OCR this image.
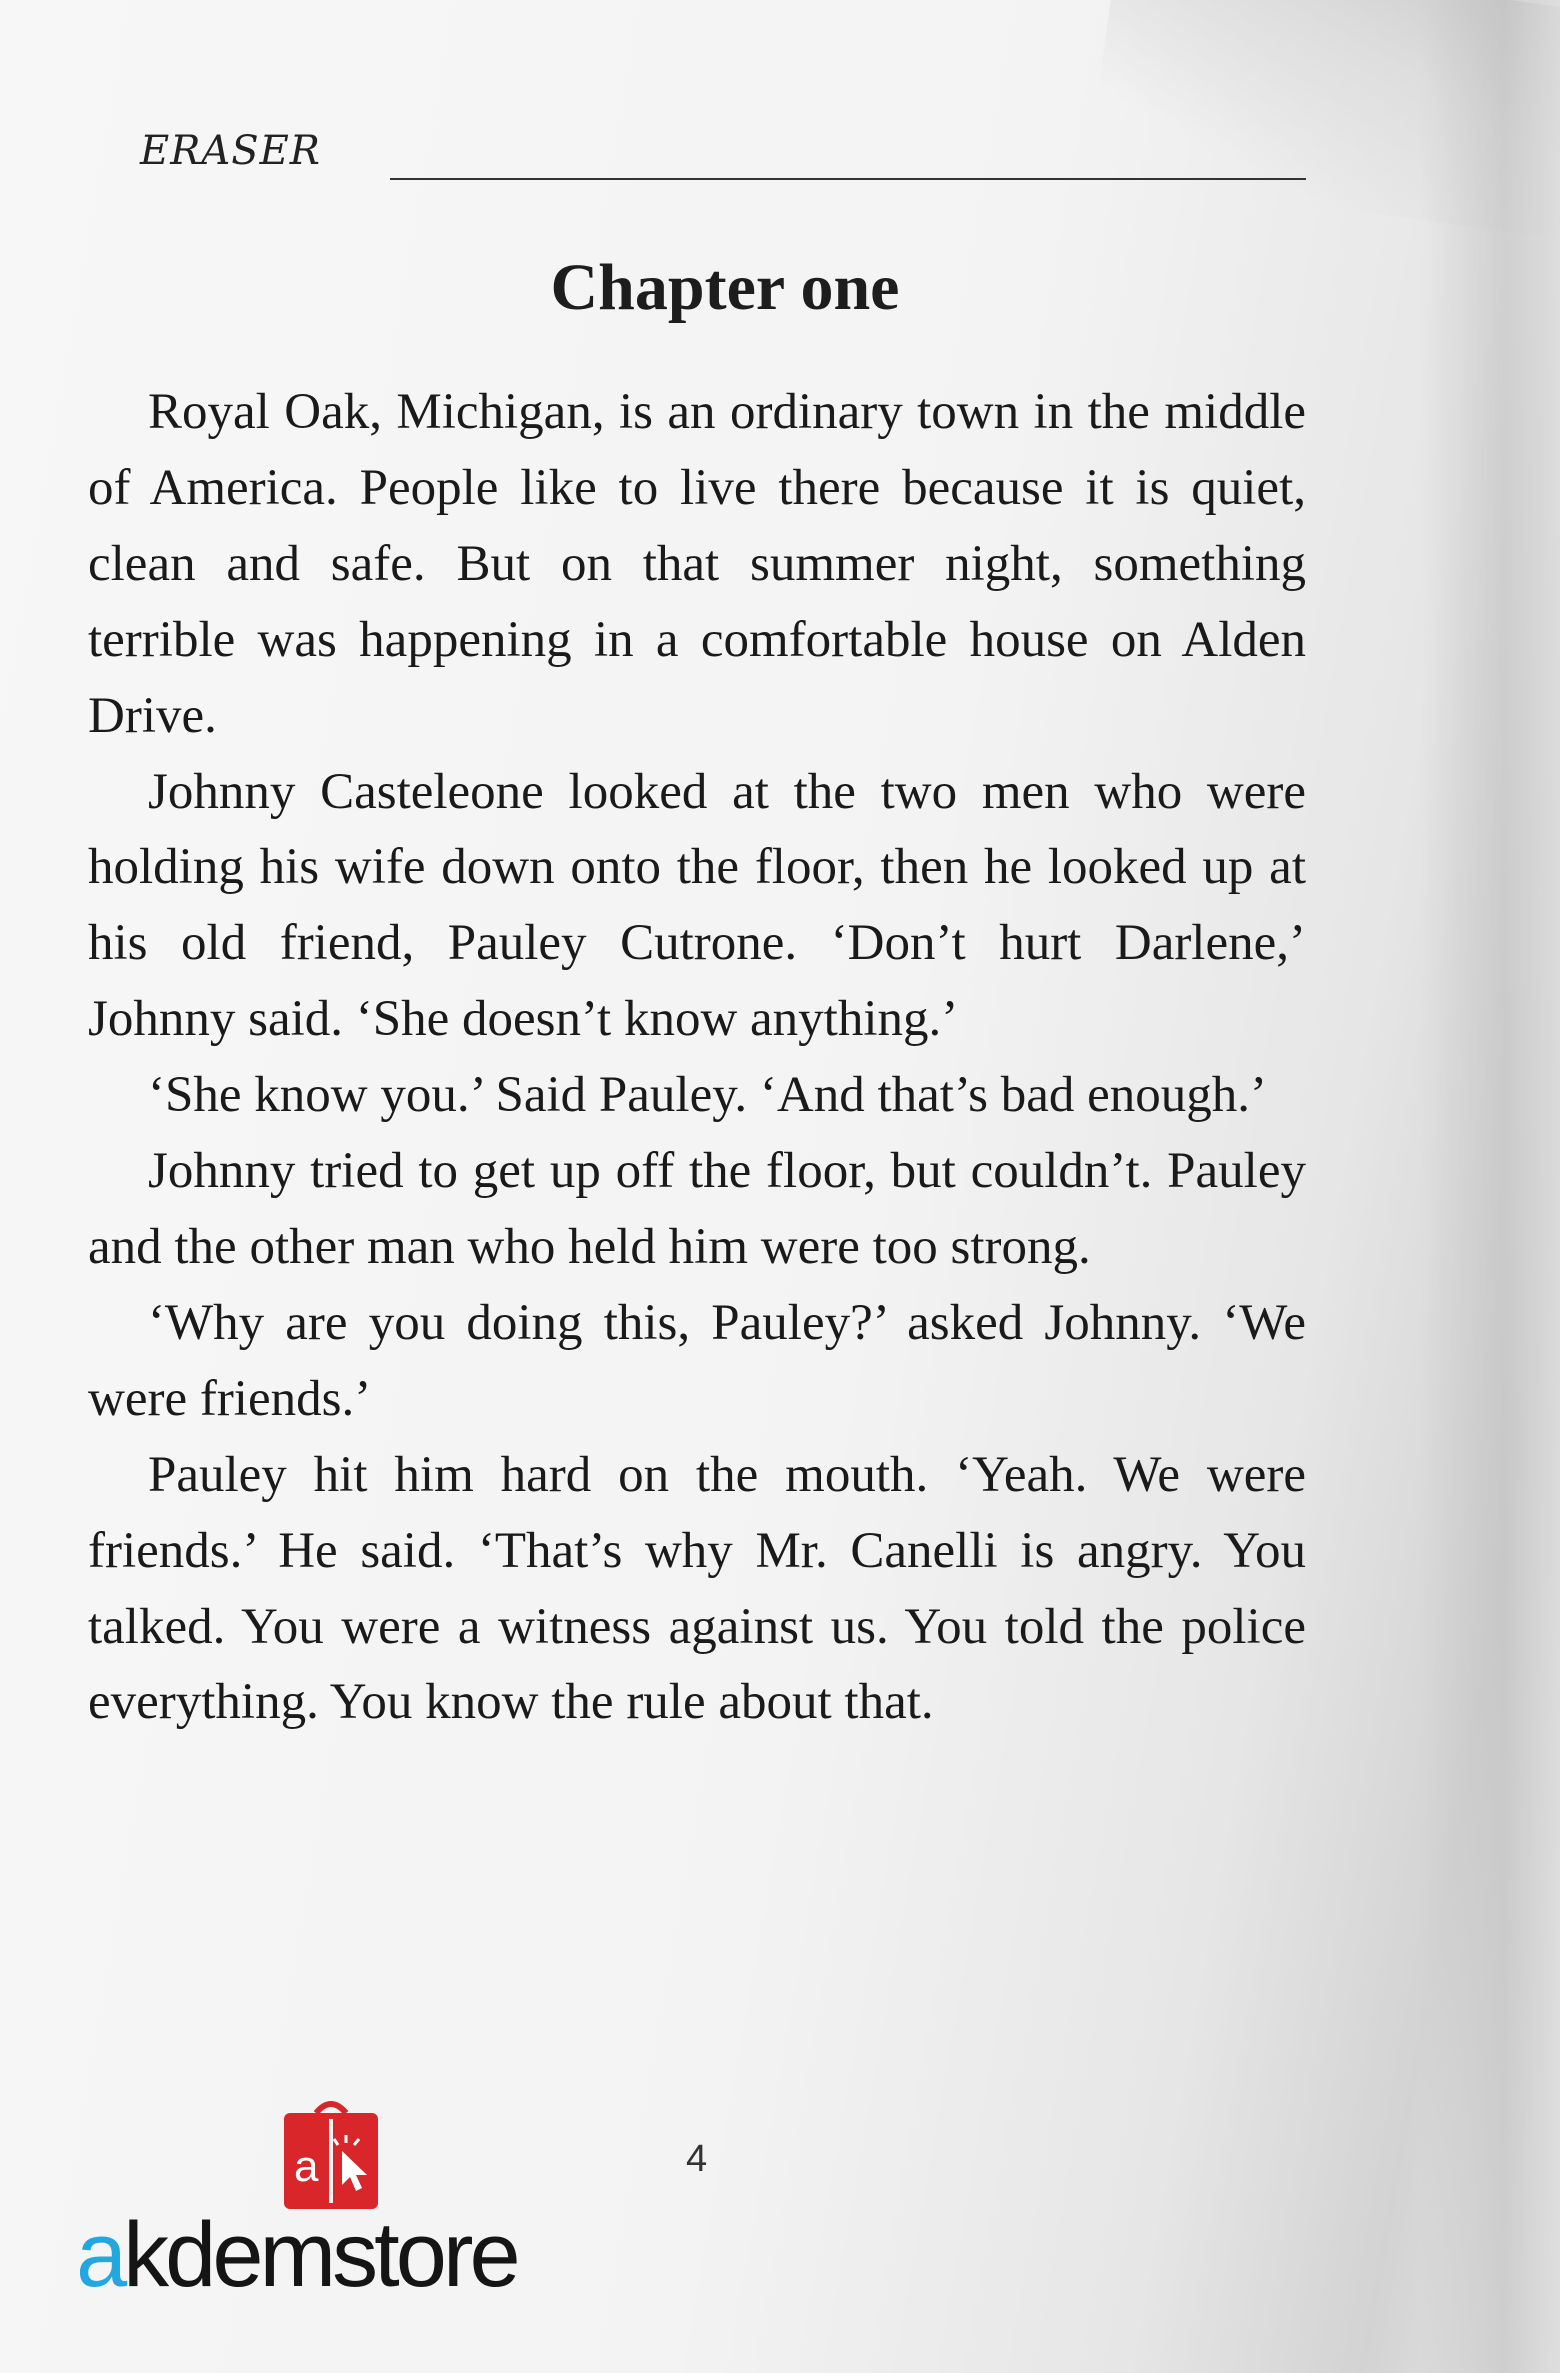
ERASER
Chapter one

Royal Oak, Michigan, is an ordinary town in the middle of America. People like to live there because it is quiet, clean and safe. But on that summer night, something terrible was happening in a comfortable house on Alden Drive.

Johnny Casteleone looked at the two men who were holding his wife down onto the floor, then he looked up at his old friend, Pauley Cutrone. ‘Don’t hurt Darlene,’ Johnny said. ‘She doesn’t know anything.’

‘She know you.’ Said Pauley. ‘And that’s bad enough.’

Johnny tried to get up off the floor, but couldn’t. Pauley and the other man who held him were too strong.

‘Why are you doing this, Pauley?’ asked Johnny. ‘We were friends.’

Pauley hit him hard on the mouth. ‘Yeah. We were friends.’ He said. ‘That’s why Mr. Canelli is angry. You talked. You were a witness against us. You told the police everything. You know the rule about that.

4
a
akdemstore
